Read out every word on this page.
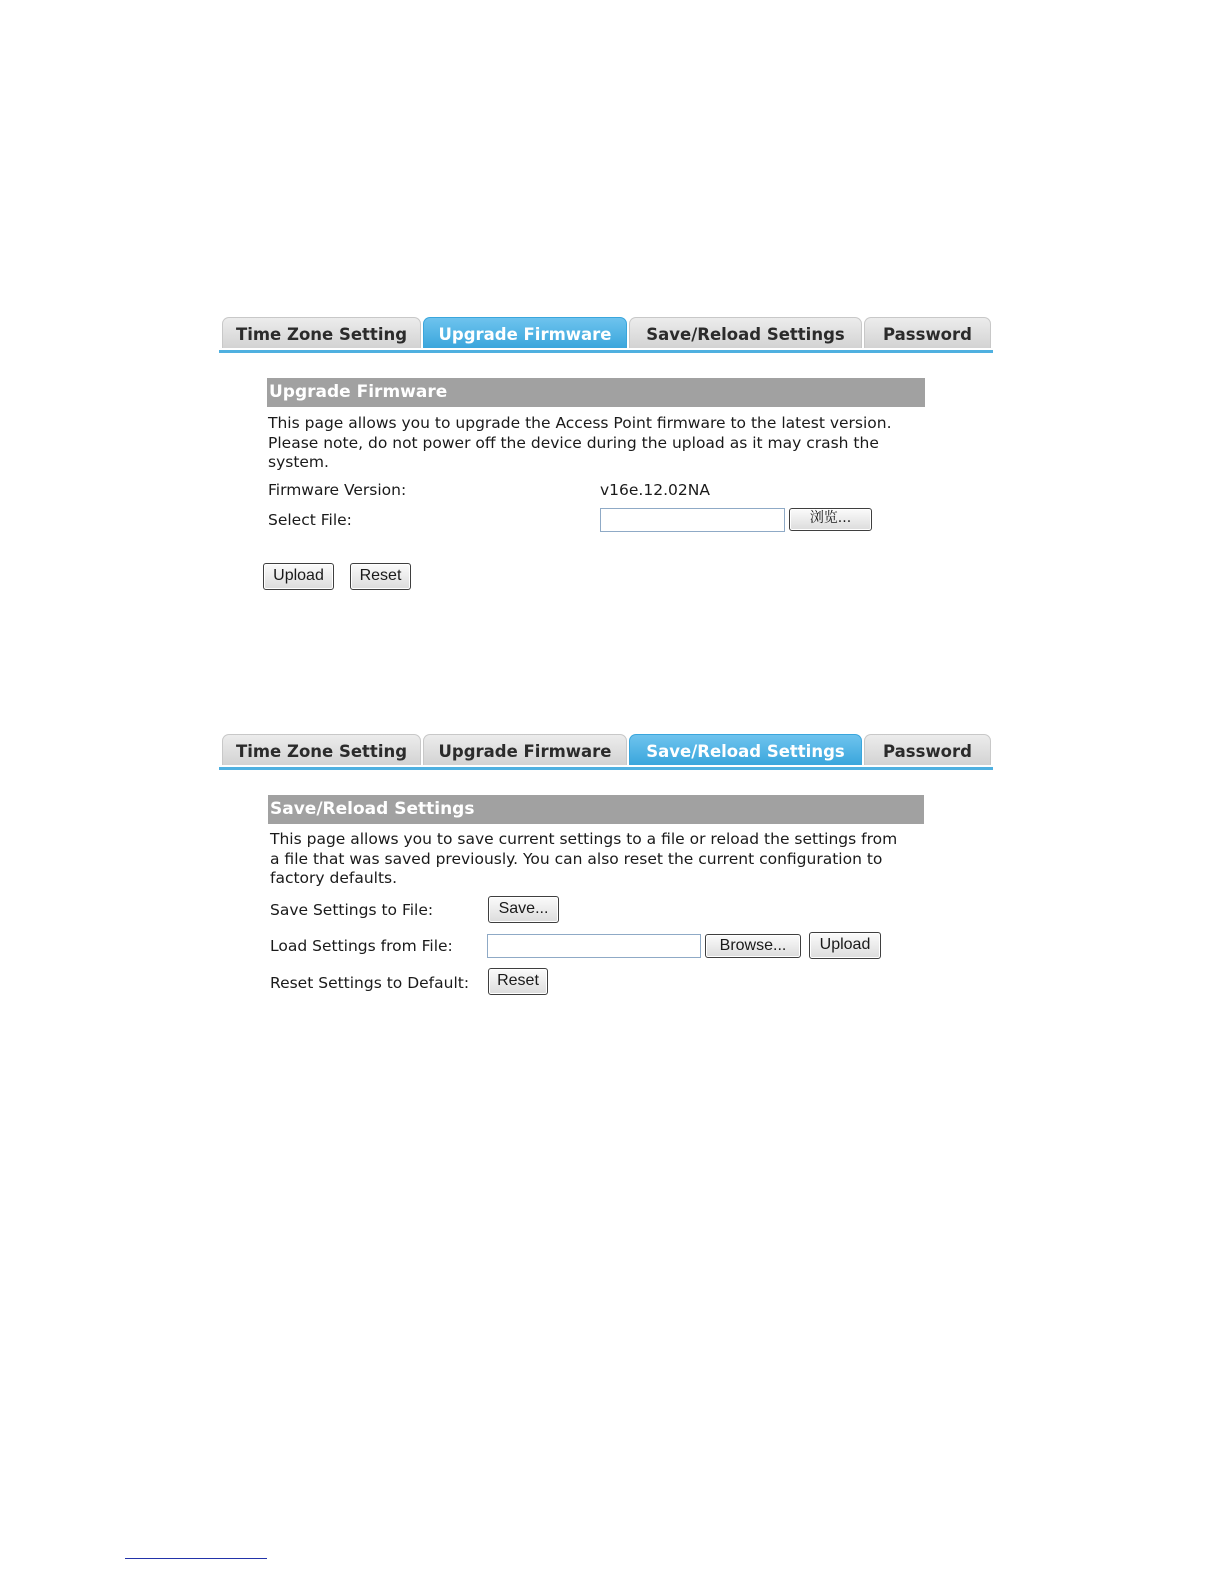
Time Zone Setting	Upgrade Firmware	Save/Reload Settings	Password
Upgrade Firmware
This page allows you to upgrade the Access Point firmware to the latest version. Please note, do not power off the device during the upload as it may crash the system.
Firmware Version:	v16e.12.02NA
Select File:	浏览...
Upload	Reset
Time Zone Setting	Upgrade Firmware	Save/Reload Settings	Password
Save/Reload Settings
This page allows you to save current settings to a file or reload the settings from a file that was saved previously. You can also reset the current configuration to factory defaults.
Save Settings to File:	Save...
Load Settings from File:	Browse...	Upload
Reset Settings to Default:	Reset
